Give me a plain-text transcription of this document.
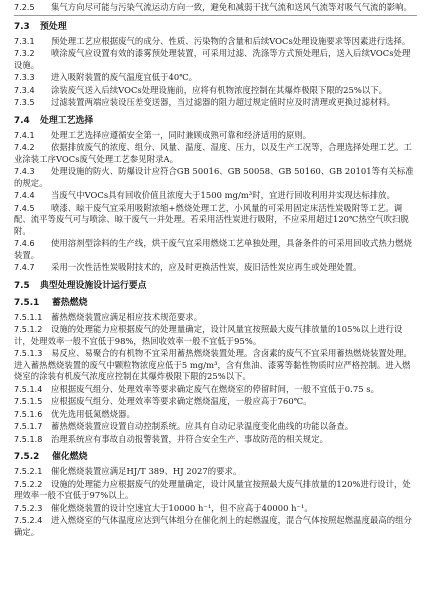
7.2.5 集气方向尽可能与污染气流运动方向一致，避免和减弱干扰气流和送风气流等对吸气气流的影响。

7.3	预处理

7.3.1 预处理工艺应根据废气的成分、性质、污染物的含量和后续VOCs处理设施要求等因素进行选择。

7.3.2 喷涂废气应设置有效的漆雾预处理装置，可采用过滤、洗涤等方式预处理后，送入后续VOCs处理设施。

7.3.3 进入吸附装置的废气温度宜低于40℃。

7.3.4 涂装废气送入后续VOCs处理设施前，应将有机物浓度控制在其爆炸极限下限的25%以下。

7.3.5 过滤装置两端应装设压差变送器，当过滤器的阻力超过规定值时应及时清理或更换过滤材料。

7.4	处理工艺选择

7.4.1 处理工艺选择应遵循安全第一，同时兼顾成熟可靠和经济适用的原则。

7.4.2 依据排放废气的浓度、组分、风量、温度、湿度、压力，以及生产工况等，合理选择处理工艺。工业涂装工序VOCs废气处理工艺参见附录A。

7.4.3 处理设施的防火、防爆设计应符合GB 50016、GB 50058、GB 50160、GB 20101等有关标准的规定。

7.4.4 当废气中VOCs具有回收价值且浓度大于1500 mg/m³时，宜进行回收利用并实现达标排放。

7.4.5 喷漆、晾干废气宜采用吸附浓缩+燃烧处理工艺，小风量的可采用固定床活性炭吸附等工艺。调配、流平等废气可与喷涂、晾干废气一并处理。若采用活性炭进行吸附，不应采用超过120℃热空气吹扫脱附。

7.4.6 使用溶剂型涂料的生产线，烘干废气宜采用燃烧工艺单独处理，具备条件的可采用回收式热力燃烧装置。

7.4.7 采用一次性活性炭吸附技术的，应及时更换活性炭，废旧活性炭应再生或处理处置。

7.5	典型处理设施设计运行要点
7.5.1	蓄热燃烧

7.5.1.1 蓄热燃烧装置应满足相应技术规范要求。

7.5.1.2 设施的处理能力应根据废气的处理量确定，设计风量宜按照最大废气排放量的105%以上进行设计，处理效率一般不宜低于98%，热回收效率一般不宜低于95%。

7.5.1.3 易反应、易聚合的有机物不宜采用蓄热燃烧装置处理。含卤素的废气不宜采用蓄热燃烧装置处理。进入蓄热燃烧装置的废气中颗粒物浓度应低于5 mg/m³，含有焦油、漆雾等黏性物质时应严格控制。进入燃烧室的涂装有机废气浓度应控制在其爆炸极限下限的25%以下。

7.5.1.4 应根据废气组分、处理效率等要求确定废气在燃烧室的停留时间，一般不宜低于0.75 s。

7.5.1.5 应根据废气组分、处理效率等要求确定燃烧温度，一般应高于760℃。

7.5.1.6 优先选用低氮燃烧器。

7.5.1.7 蓄热燃烧装置应设置自动控制系统。应具有自动记录温度变化曲线的功能以备查。

7.5.1.8 治理系统应有事故自动报警装置，并符合安全生产、事故防范的相关规定。

7.5.2	催化燃烧

7.5.2.1 催化燃烧装置应满足HJ/T 389、HJ 2027的要求。

7.5.2.2 设施的处理能力应根据废气的处理量确定，设计风量宜按照最大废气排放量的120%进行设计，处理效率一般不宜低于97%以上。

7.5.2.3 催化燃烧装置的设计空速宜大于10000 h⁻¹，但不应高于40000 h⁻¹。

7.5.2.4 进入燃烧室的气体温度应达到气体组分在催化剂上的起燃温度，混合气体按照起燃温度最高的组分确定。
